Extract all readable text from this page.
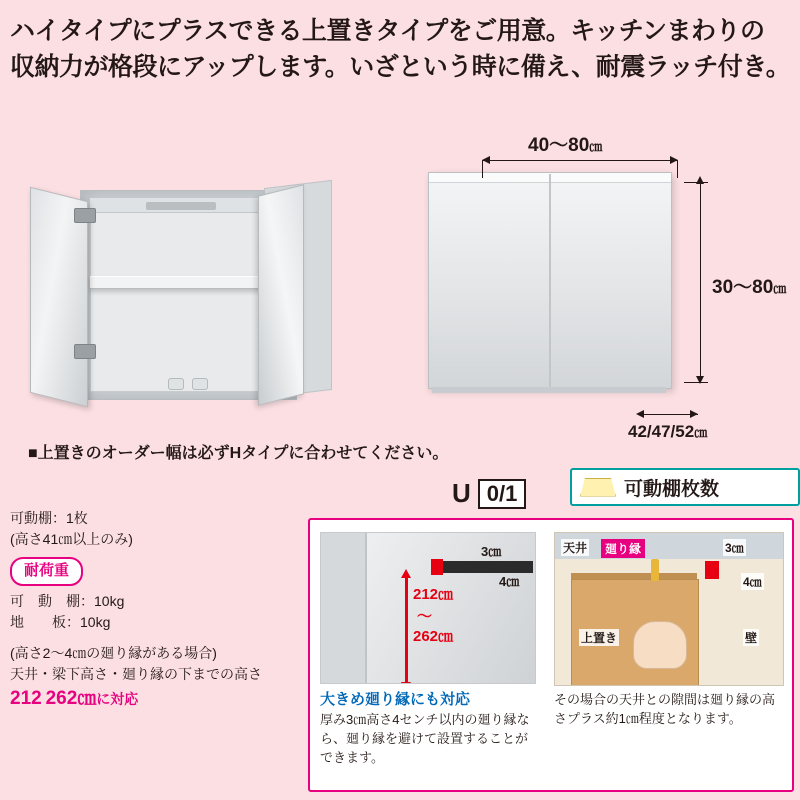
ハイタイプにプラスできる上置きタイプをご用意。キッチンまわりの
収納力が格段にアップします。いざという時に備え、耐震ラッチ付き。
40〜80㎝
30〜80㎝
42/47/52㎝
■上置きのオーダー幅は必ずHタイプに合わせてください。
可動棚：1枚
(高さ41㎝以上のみ)
耐荷重
可　動　棚：10kg
地　　板：10kg
(高さ2〜4㎝の廻り縁がある場合)
天井・梁下高さ・廻り縁の下までの高さ
212 262㎝に対応
U 0/1	可動棚枚数
3㎝
4㎝
212㎝
〜
262㎝
大きめ廻り縁にも対応
厚み3㎝高さ4センチ以内の廻り縁なら、廻り縁を避けて設置することができます。
天井	廻り縁	3㎝
4㎝
上置き	壁
その場合の天井との隙間は廻り縁の高さプラス約1㎝程度となります。
